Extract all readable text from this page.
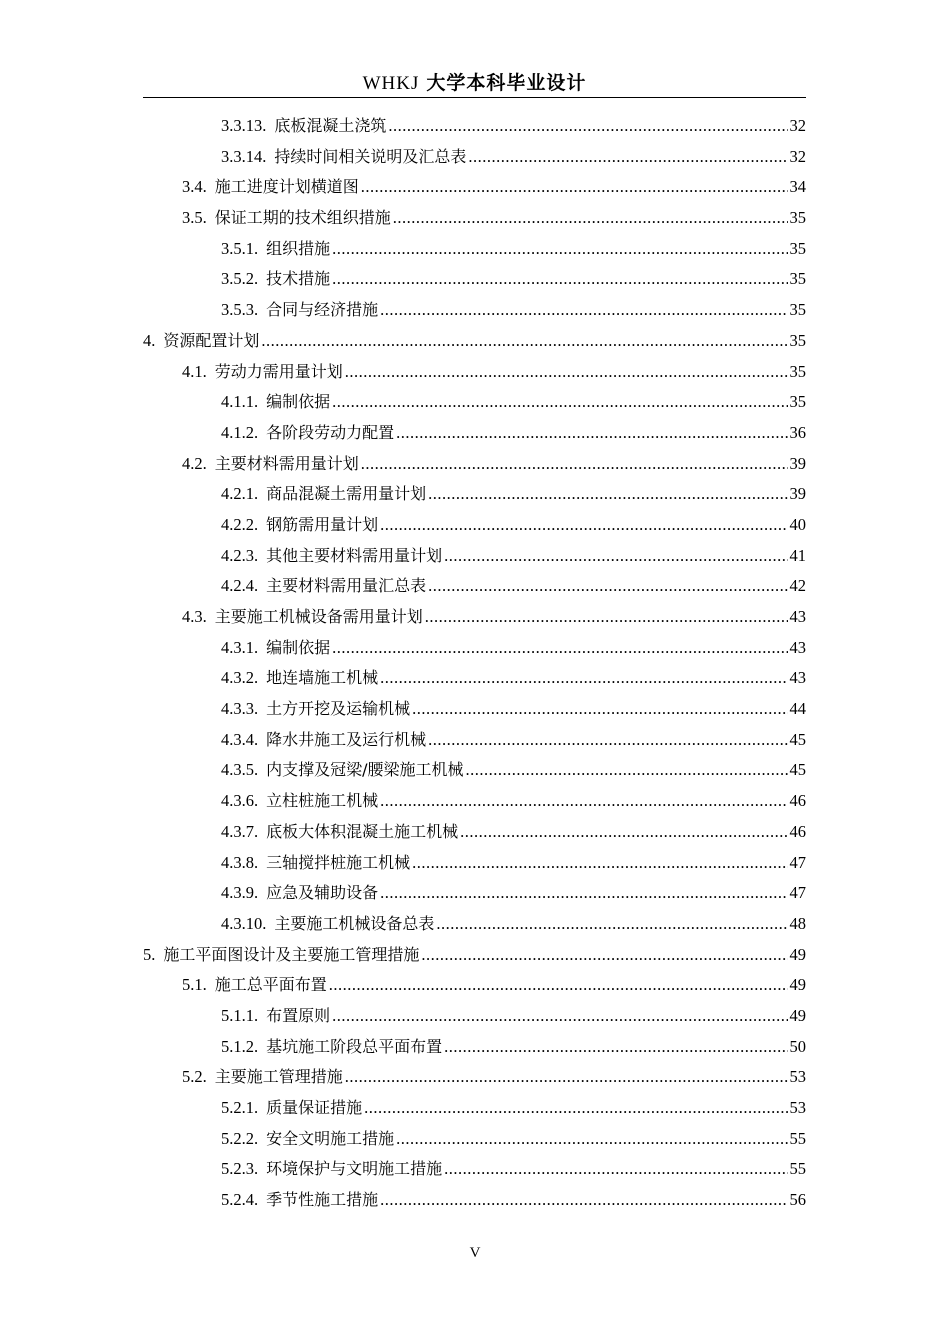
WHKJ 大学本科毕业设计
3.3.13. 底板混凝土浇筑 .....	32
3.3.14. 持续时间相关说明及汇总表 .....	32
3.4. 施工进度计划横道图 .....	34
3.5. 保证工期的技术组织措施 .....	35
3.5.1. 组织措施 .....	35
3.5.2. 技术措施 .....	35
3.5.3. 合同与经济措施 .....	35
4. 资源配置计划 .....	35
4.1. 劳动力需用量计划 .....	35
4.1.1. 编制依据 .....	35
4.1.2. 各阶段劳动力配置 .....	36
4.2. 主要材料需用量计划 .....	39
4.2.1. 商品混凝土需用量计划 .....	39
4.2.2. 钢筋需用量计划 .....	40
4.2.3. 其他主要材料需用量计划 .....	41
4.2.4. 主要材料需用量汇总表 .....	42
4.3. 主要施工机械设备需用量计划 .....	43
4.3.1. 编制依据 .....	43
4.3.2. 地连墙施工机械 .....	43
4.3.3. 土方开挖及运输机械 .....	44
4.3.4. 降水井施工及运行机械 .....	45
4.3.5. 内支撑及冠梁/腰梁施工机械 .....	45
4.3.6. 立柱桩施工机械 .....	46
4.3.7. 底板大体积混凝土施工机械 .....	46
4.3.8. 三轴搅拌桩施工机械 .....	47
4.3.9. 应急及辅助设备 .....	47
4.3.10. 主要施工机械设备总表 .....	48
5. 施工平面图设计及主要施工管理措施 .....	49
5.1. 施工总平面布置 .....	49
5.1.1. 布置原则 .....	49
5.1.2. 基坑施工阶段总平面布置 .....	50
5.2. 主要施工管理措施 .....	53
5.2.1. 质量保证措施 .....	53
5.2.2. 安全文明施工措施 .....	55
5.2.3. 环境保护与文明施工措施 .....	55
5.2.4. 季节性施工措施 .....	56
V
